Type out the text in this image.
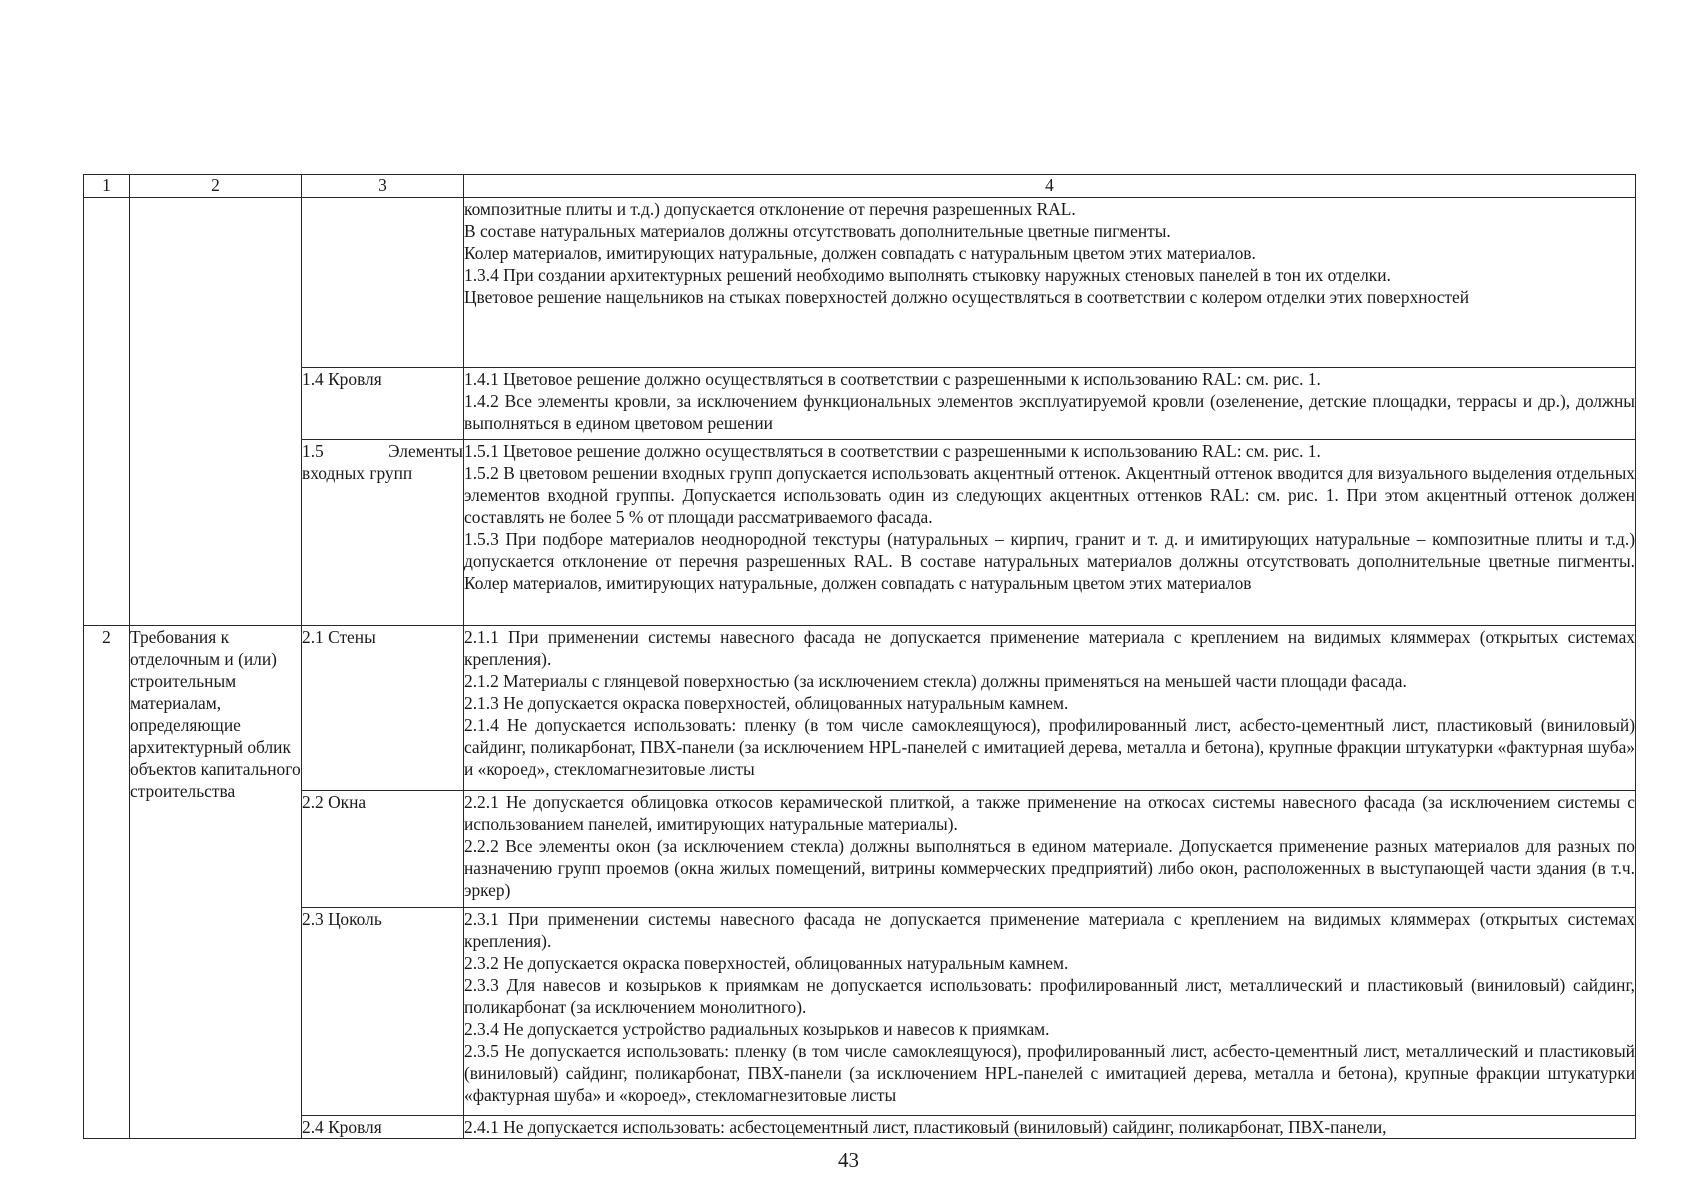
1	2	3	4

			композитные плиты и т.д.) допускается отклонение от перечня разрешенных RAL.

В составе натуральных материалов должны отсутствовать дополнительные цветные пигменты.

Колер материалов, имитирующих натуральные, должен совпадать с натуральным цветом этих материалов.

1.3.4 При создании архитектурных решений необходимо выполнять стыковку наружных стеновых панелей в тон их отделки.

Цветовое решение нащельников на стыках поверхностей должно осуществляться в соответствии с колером отделки этих поверхностей

		1.4 Кровля	1.4.1 Цветовое решение должно осуществляться в соответствии с разрешенными к использованию RAL: см. рис. 1.

1.4.2 Все элементы кровли, за исключением функциональных элементов эксплуатируемой кровли (озеленение, детские площадки, террасы и др.), должны выполняться в едином цветовом решении

		1.5 Элементы входных групп	1.5.1 Цветовое решение должно осуществляться в соответствии с разрешенными к использованию RAL: см. рис. 1.

1.5.2 В цветовом решении входных групп допускается использовать акцентный оттенок. Акцентный оттенок вводится для визуального выделения отдельных элементов входной группы. Допускается использовать один из следующих акцентных оттенков RAL: см. рис. 1. При этом акцентный оттенок должен составлять не более 5 % от площади рассматриваемого фасада.

1.5.3 При подборе материалов неоднородной текстуры (натуральных – кирпич, гранит и т. д. и имитирующих натуральные – композитные плиты и т.д.) допускается отклонение от перечня разрешенных RAL. В составе натуральных материалов должны отсутствовать дополнительные цветные пигменты. Колер материалов, имитирующих натуральные, должен совпадать с натуральным цветом этих материалов

2	Требования к отделочным и (или) строительным материалам, определяющие архитектурный облик объектов капитального строительства	2.1 Стены	2.1.1 При применении системы навесного фасада не допускается применение материала с креплением на видимых кляммерах (открытых системах крепления).

2.1.2 Материалы с глянцевой поверхностью (за исключением стекла) должны применяться на меньшей части площади фасада.

2.1.3 Не допускается окраска поверхностей, облицованных натуральным камнем.

2.1.4 Не допускается использовать: пленку (в том числе самоклеящуюся), профилированный лист, асбесто-цементный лист, пластиковый (виниловый) сайдинг, поликарбонат, ПВХ-панели (за исключением HPL-панелей с имитацией дерева, металла и бетона), крупные фракции штукатурки «фактурная шуба» и «короед», стекломагнезитовые листы

		2.2 Окна	2.2.1 Не допускается облицовка откосов керамической плиткой, а также применение на откосах системы навесного фасада (за исключением системы с использованием панелей, имитирующих натуральные материалы).

2.2.2 Все элементы окон (за исключением стекла) должны выполняться в едином материале. Допускается применение разных материалов для разных по назначению групп проемов (окна жилых помещений, витрины коммерческих предприятий) либо окон, расположенных в выступающей части здания (в т.ч. эркер)

		2.3 Цоколь	2.3.1 При применении системы навесного фасада не допускается применение материала с креплением на видимых кляммерах (открытых системах крепления).

2.3.2 Не допускается окраска поверхностей, облицованных натуральным камнем.

2.3.3 Для навесов и козырьков к приямкам не допускается использовать: профилированный лист, металлический и пластиковый (виниловый) сайдинг, поликарбонат (за исключением монолитного).

2.3.4 Не допускается устройство радиальных козырьков и навесов к приямкам.

2.3.5 Не допускается использовать: пленку (в том числе самоклеящуюся), профилированный лист, асбесто-цементный лист, металлический и пластиковый (виниловый) сайдинг, поликарбонат, ПВХ-панели (за исключением HPL-панелей с имитацией дерева, металла и бетона), крупные фракции штукатурки «фактурная шуба» и «короед», стекломагнезитовые листы

		2.4 Кровля	2.4.1 Не допускается использовать: асбестоцементный лист, пластиковый (виниловый) сайдинг, поликарбонат, ПВХ-панели,

43
